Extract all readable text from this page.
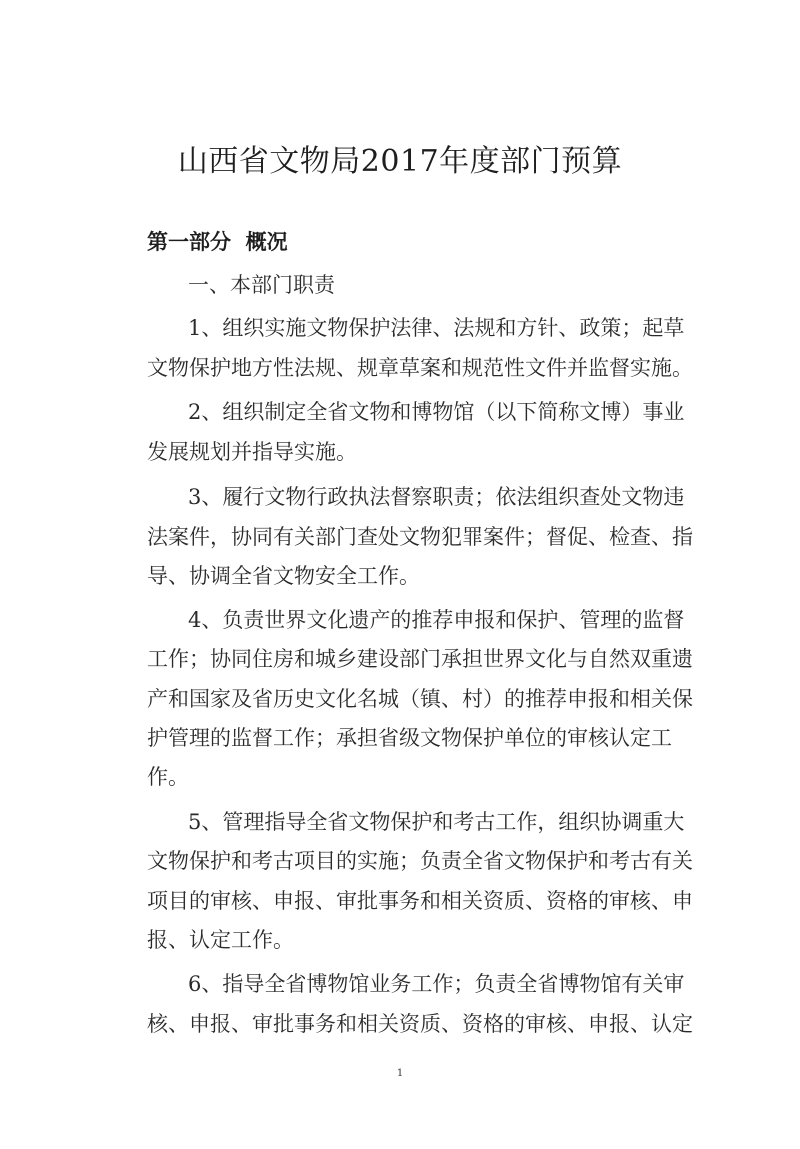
山西省文物局2017年度部门预算
第一部分  概况
一、本部门职责
1、组织实施文物保护法律、法规和方针、政策；起草
文物保护地方性法规、规章草案和规范性文件并监督实施。
2、组织制定全省文物和博物馆（以下简称文博）事业
发展规划并指导实施。
3、履行文物行政执法督察职责；依法组织查处文物违
法案件，协同有关部门查处文物犯罪案件；督促、检查、指
导、协调全省文物安全工作。
4、负责世界文化遗产的推荐申报和保护、管理的监督
工作；协同住房和城乡建设部门承担世界文化与自然双重遗
产和国家及省历史文化名城（镇、村）的推荐申报和相关保
护管理的监督工作；承担省级文物保护单位的审核认定工
作。
5、管理指导全省文物保护和考古工作，组织协调重大
文物保护和考古项目的实施；负责全省文物保护和考古有关
项目的审核、申报、审批事务和相关资质、资格的审核、申
报、认定工作。
6、指导全省博物馆业务工作；负责全省博物馆有关审
核、申报、审批事务和相关资质、资格的审核、申报、认定
1
